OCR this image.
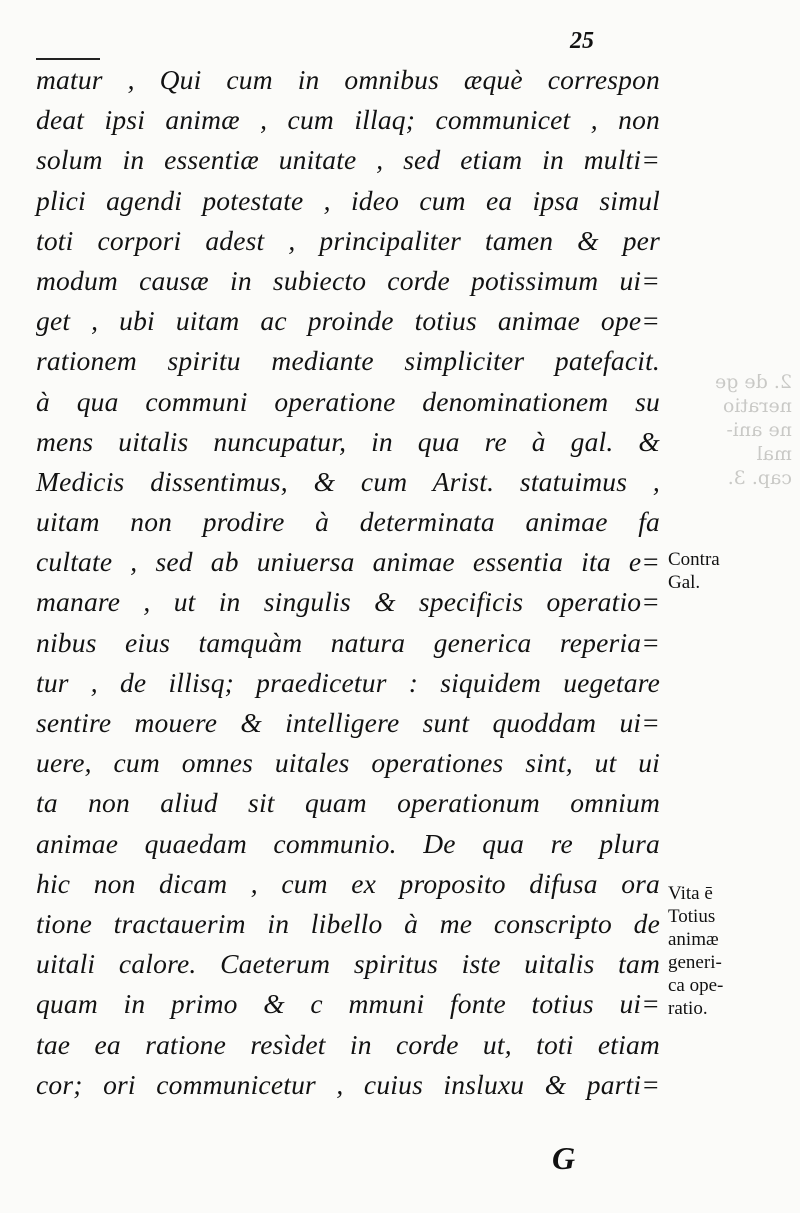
2. de ge
neratio
ne ani-
mal
cap. 3.
25
matur , Qui cum in omnibus æquè correspon
deat ipsi animæ , cum illaq; communicet , non
solum in essentiæ unitate , sed etiam in multi=
plici agendi potestate , ideo cum ea ipsa simul
toti corpori adest , principaliter tamen & per
modum causæ in subiecto corde potissimum ui=
get , ubi uitam ac proinde totius animae ope=
rationem spiritu mediante simpliciter patefacit.
à qua communi operatione denominationem su
mens uitalis nuncupatur, in qua re à gal. &
Medicis dissentimus, & cum Arist. statuimus ,
uitam non prodire à determinata animae fa
cultate , sed ab uniuersa animae essentia ita e=
manare , ut in singulis & specificis operatio=
nibus eius tamquàm natura generica reperia=
tur , de illisq; praedicetur : siquidem uegetare
sentire mouere & intelligere sunt quoddam ui=
uere, cum omnes uitales operationes sint, ut ui
ta non aliud sit quam operationum omnium
animae quaedam communio. De qua re plura
hic non dicam , cum ex proposito difusa ora
tione tractauerim in libello à me conscripto de
uitali calore. Caeterum spiritus iste uitalis tam
quam in primo & c mmuni fonte totius ui=
tae ea ratione resìdet in corde ut, toti etiam
cor; ori communicetur , cuius insluxu & parti=
Contra
Gal.
Vita ē
Totius
animæ
generi-
ca ope-
ratio.
G
